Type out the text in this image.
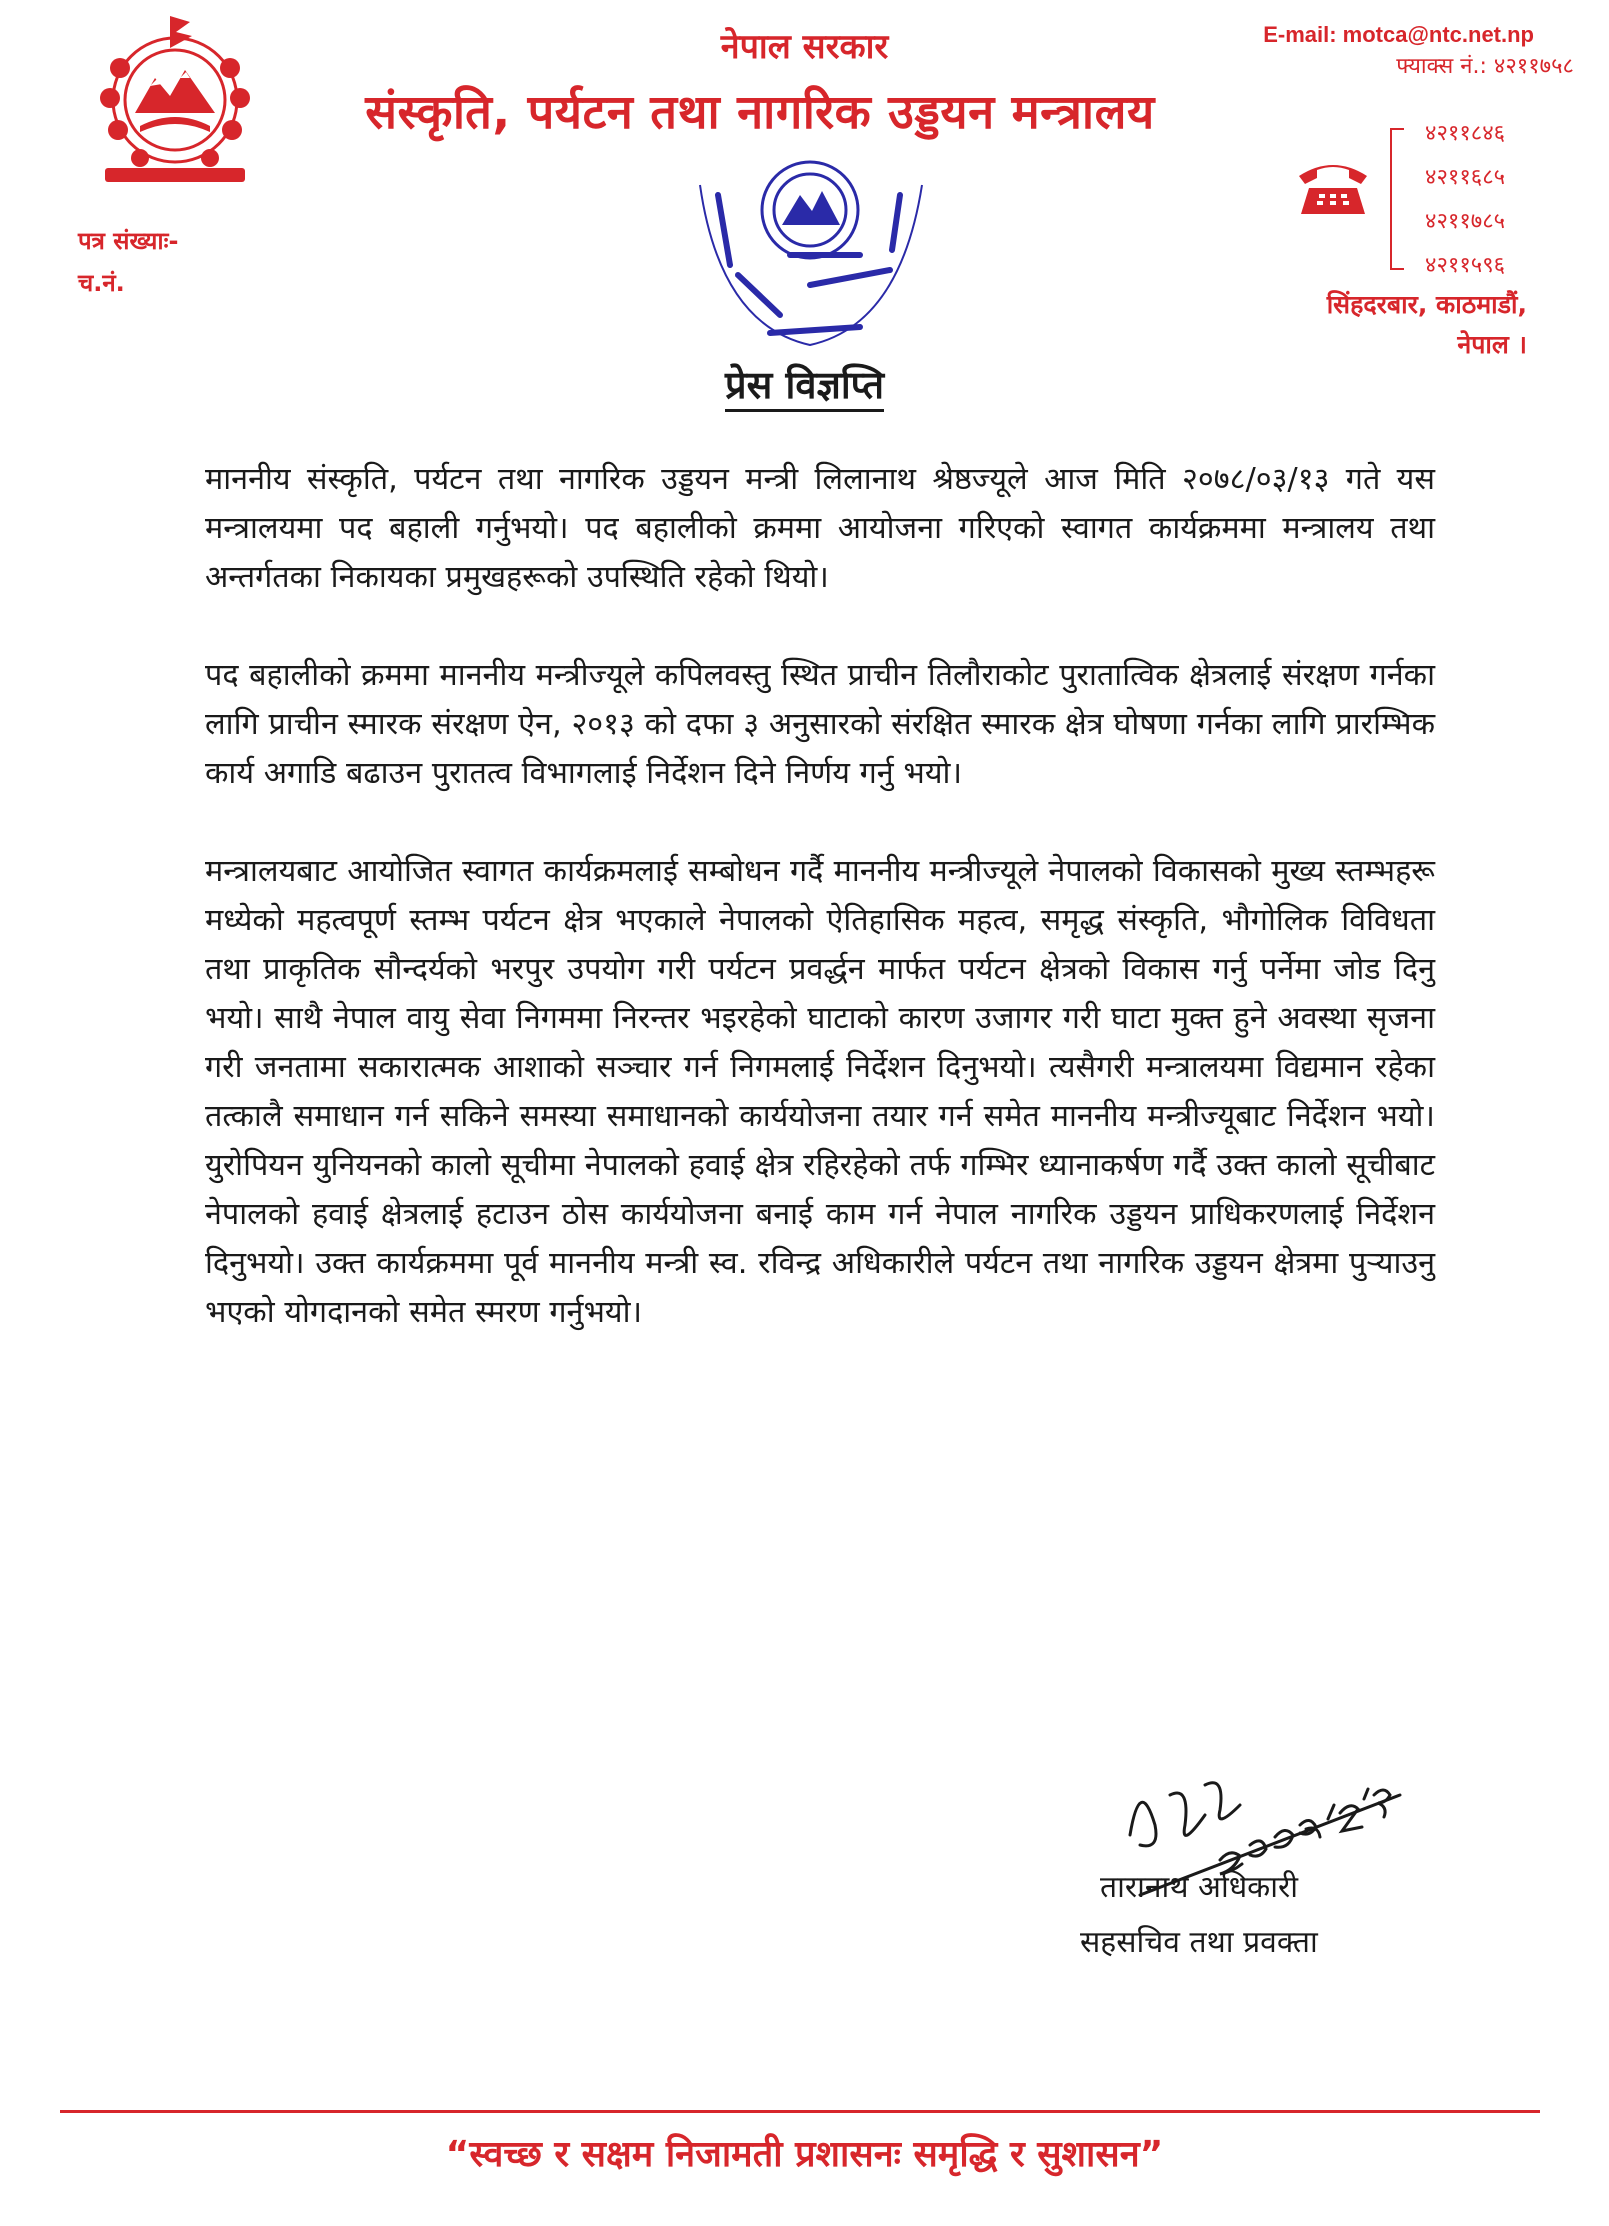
नेपाल सरकार
संस्कृति, पर्यटन तथा नागरिक उड्डयन मन्त्रालय
E-mail: motca@ntc.net.np
फ्याक्स नं.: ४२११७५८
४२११८४६
४२११६८५
४२११७८५
४२११५९६
सिंहदरबार, काठमाडौं,
नेपाल ।
पत्र संख्याः-
च.नं.
प्रेस विज्ञप्ति

माननीय संस्कृति, पर्यटन तथा नागरिक उड्डयन मन्त्री लिलानाथ श्रेष्ठज्यूले आज मिति २०७८/०३/१३ गते यस मन्त्रालयमा पद बहाली गर्नुभयो। पद बहालीको क्रममा आयोजना गरिएको स्वागत कार्यक्रममा मन्त्रालय तथा अन्तर्गतका निकायका प्रमुखहरूको उपस्थिति रहेको थियो।

पद बहालीको क्रममा माननीय मन्त्रीज्यूले कपिलवस्तु स्थित प्राचीन तिलौराकोट पुरातात्विक क्षेत्रलाई संरक्षण गर्नका लागि प्राचीन स्मारक संरक्षण ऐन, २०१३ को दफा ३ अनुसारको संरक्षित स्मारक क्षेत्र घोषणा गर्नका लागि प्रारम्भिक कार्य अगाडि बढाउन पुरातत्व विभागलाई निर्देशन दिने निर्णय गर्नु भयो।

मन्त्रालयबाट आयोजित स्वागत कार्यक्रमलाई सम्बोधन गर्दै माननीय मन्त्रीज्यूले नेपालको विकासको मुख्य स्तम्भहरू मध्येको महत्वपूर्ण स्तम्भ पर्यटन क्षेत्र भएकाले नेपालको ऐतिहासिक महत्व, समृद्ध संस्कृति, भौगोलिक विविधता तथा प्राकृतिक सौन्दर्यको भरपुर उपयोग गरी पर्यटन प्रवर्द्धन मार्फत पर्यटन क्षेत्रको विकास गर्नु पर्नेमा जोड दिनु भयो। साथै नेपाल वायु सेवा निगममा निरन्तर भइरहेको घाटाको कारण उजागर गरी घाटा मुक्त हुने अवस्था सृजना गरी जनतामा सकारात्मक आशाको सञ्चार गर्न निगमलाई निर्देशन दिनुभयो। त्यसैगरी मन्त्रालयमा विद्यमान रहेका तत्कालै समाधान गर्न सकिने समस्या समाधानको कार्ययोजना तयार गर्न समेत माननीय मन्त्रीज्यूबाट निर्देशन भयो। युरोपियन युनियनको कालो सूचीमा नेपालको हवाई क्षेत्र रहिरहेको तर्फ गम्भिर ध्यानाकर्षण गर्दै उक्त कालो सूचीबाट नेपालको हवाई क्षेत्रलाई हटाउन ठोस कार्ययोजना बनाई काम गर्न नेपाल नागरिक उड्डयन प्राधिकरणलाई निर्देशन दिनुभयो। उक्त कार्यक्रममा पूर्व माननीय मन्त्री स्व. रविन्द्र अधिकारीले पर्यटन तथा नागरिक उड्डयन क्षेत्रमा पुर्‍याउनु भएको योगदानको समेत स्मरण गर्नुभयो।

तारानाथ अधिकारी
सहसचिव तथा प्रवक्ता
“स्वच्छ र सक्षम निजामती प्रशासनः समृद्धि र सुशासन”
